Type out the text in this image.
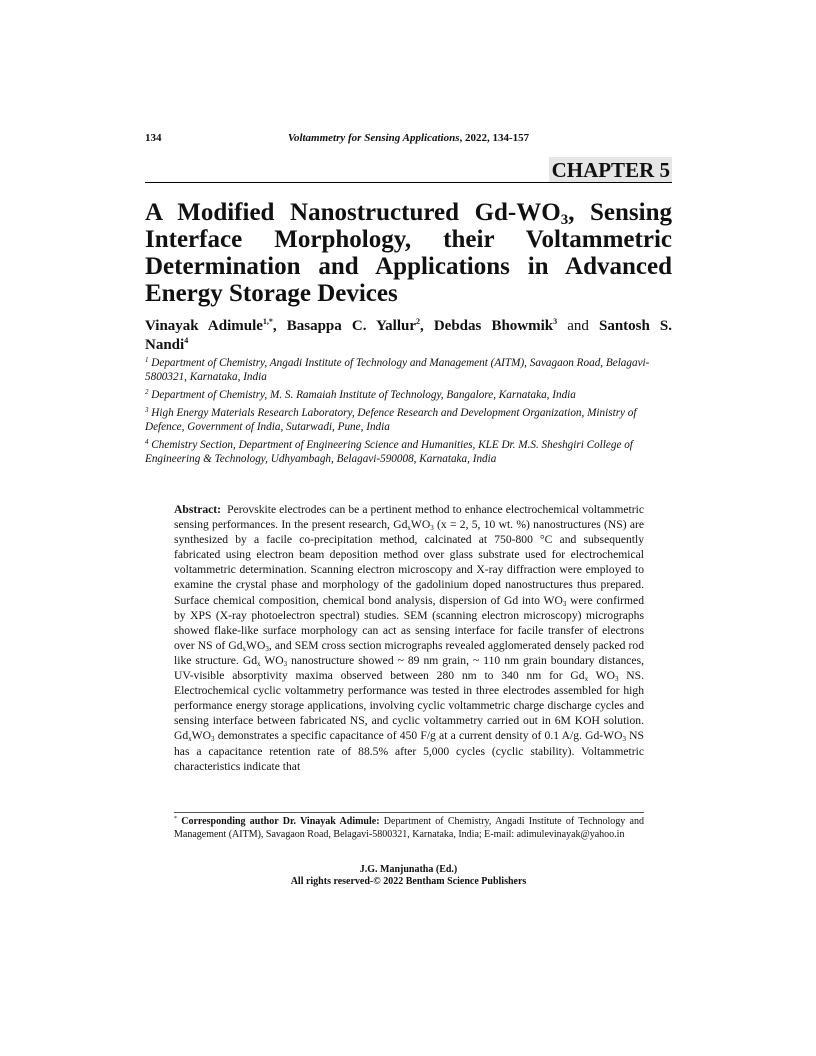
134	Voltammetry for Sensing Applications, 2022, 134-157
CHAPTER 5
A Modified Nanostructured $Gd-WO_3$, Sensing
Interface Morphology, their Voltammetric
Determination and Applications in Advanced
Energy Storage Devices
Vinayak Adimule$^{1,*}$, Basappa C. Yallur$^2$, Debdas Bhowmik$^3$ and Santosh S.
Nandi$^4$
$^1$ Department of Chemistry, Angadi Institute of Technology and Management (AITM), Savagaon Road, Belagavi-5800321, Karnataka, India
$^2$ Department of Chemistry, M. S. Ramaiah Institute of Technology, Bangalore, Karnataka, India
$^3$ High Energy Materials Research Laboratory, Defence Research and Development Organization, Ministry of Defence, Government of India, Sutarwadi, Pune, India
$^4$ Chemistry Section, Department of Engineering Science and Humanities, KLE Dr. M.S. Sheshgiri College of Engineering & Technology, Udhyambagh, Belagavi-590008, Karnataka, India
Abstract: Perovskite electrodes can be a pertinent method to enhance electrochemical voltammetric sensing performances. In the present research, $Gd_xWO_3$ (x = 2, 5, 10 wt. %) nanostructures (NS) are synthesized by a facile co-precipitation method, calcinated at 750-800 °C and subsequently fabricated using electron beam deposition method over glass substrate used for electrochemical voltammetric determination. Scanning electron microscopy and X-ray diffraction were employed to examine the crystal phase and morphology of the gadolinium doped nanostructures thus prepared. Surface chemical composition, chemical bond analysis, dispersion of Gd into $WO_3$ were confirmed by XPS (X-ray photoelectron spectral) studies. SEM (scanning electron microscopy) micrographs showed flake-like surface morphology can act as sensing interface for facile transfer of electrons over NS of $Gd_xWO_3$, and SEM cross section micrographs revealed agglomerated densely packed rod like structure. $Gd_x$ $WO_3$ nanostructure showed ~ 89 nm grain, ~ 110 nm grain boundary distances, UV-visible absorptivity maxima observed between 280 nm to 340 nm for $Gd_x$ $WO_3$ NS. Electrochemical cyclic voltammetry performance was tested in three electrodes assembled for high performance energy storage applications, involving cyclic voltammetric charge discharge cycles and sensing interface between fabricated NS, and cyclic voltammetry carried out in 6M KOH solution. $Gd_xWO_3$ demonstrates a specific capacitance of 450 F/g at a current density of 0.1 A/g. $Gd-WO_3$ NS has a capacitance retention rate of 88.5% after 5,000 cycles (cyclic stability). Voltammetric characteristics indicate that
* Corresponding author Dr. Vinayak Adimule: Department of Chemistry, Angadi Institute of Technology and Management (AITM), Savagaon Road, Belagavi-5800321, Karnataka, India; E-mail: adimulevinayak@yahoo.in
J.G. Manjunatha (Ed.)
All rights reserved-© 2022 Bentham Science Publishers
